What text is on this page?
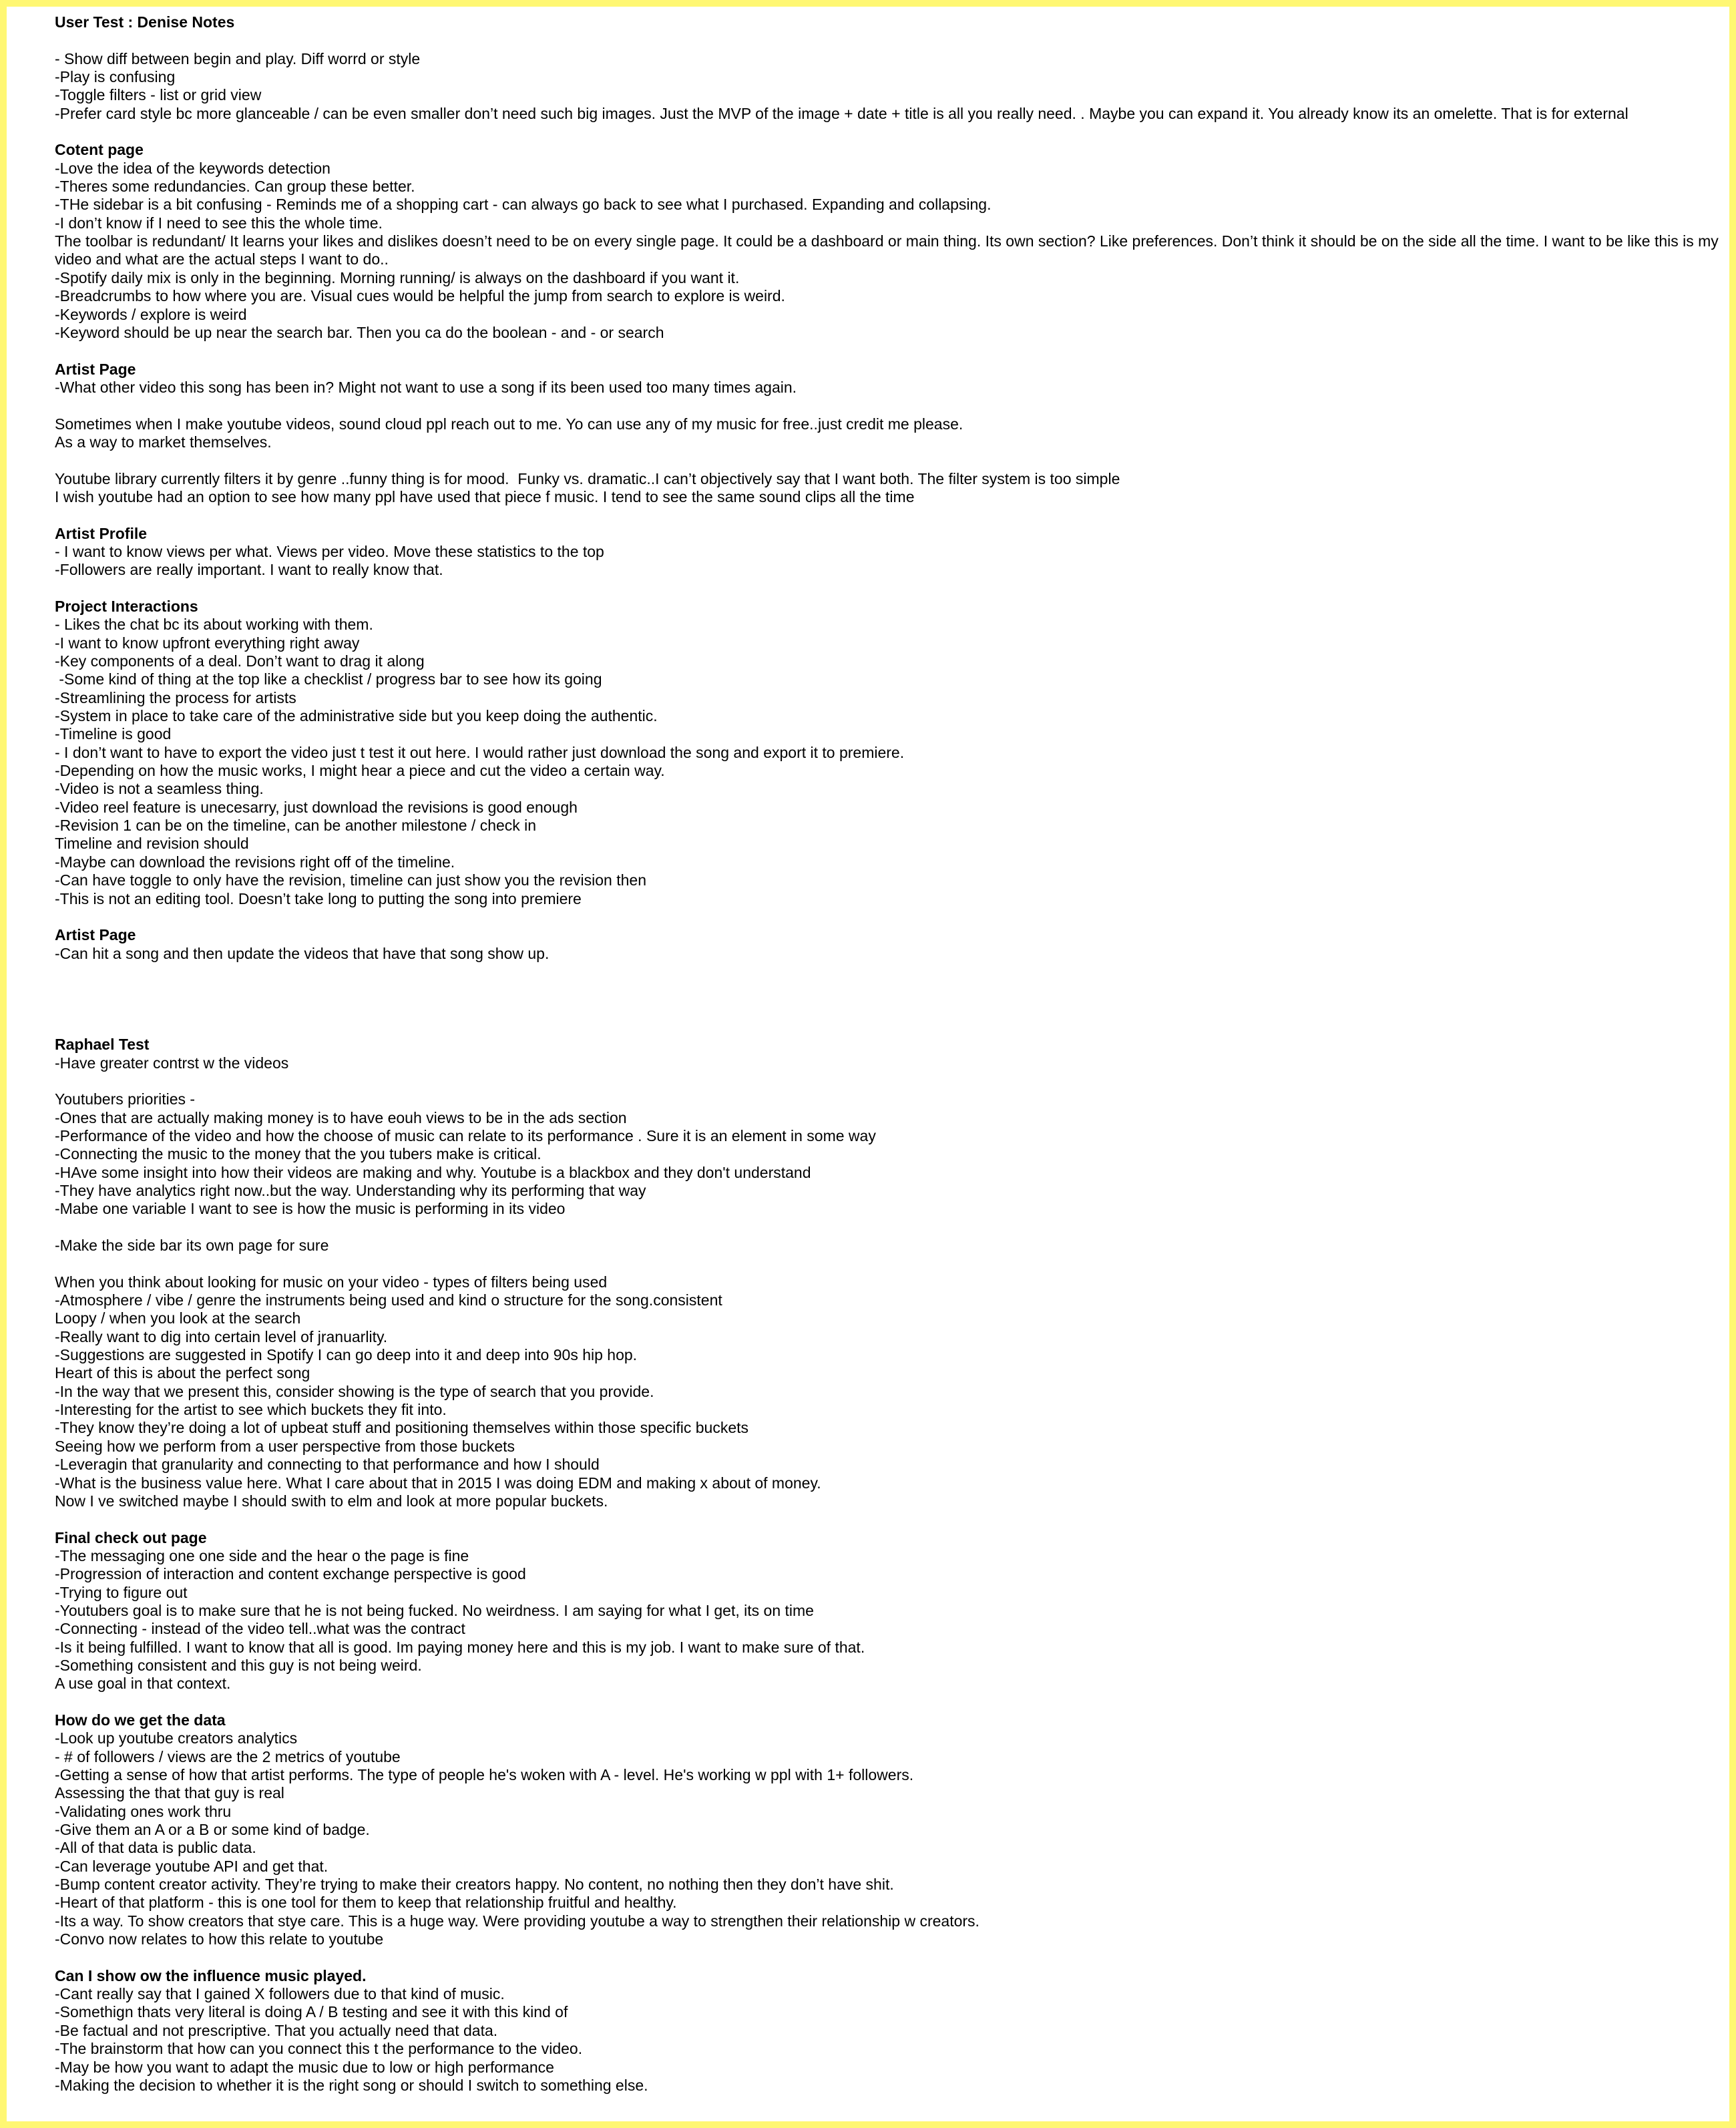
User Test : Denise Notes
- Show diff between begin and play. Diff worrd or style
-Play is confusing
-Toggle filters - list or grid view
-Prefer card style bc more glanceable / can be even smaller don’t need such big images. Just the MVP of the image + date + title is all you really need. . Maybe you can expand it. You already know its an omelette. That is for external
Cotent page
-Love the idea of the keywords detection
-Theres some redundancies. Can group these better.
-THe sidebar is a bit confusing - Reminds me of a shopping cart - can always go back to see what I purchased. Expanding and collapsing.
-I don’t know if I need to see this the whole time.
The toolbar is redundant/ It learns your likes and dislikes doesn’t need to be on every single page. It could be a dashboard or main thing. Its own section? Like preferences. Don’t think it should be on the side all the time. I want to be like this is my video and what are the actual steps I want to do..
-Spotify daily mix is only in the beginning. Morning running/ is always on the dashboard if you want it.
-Breadcrumbs to how where you are. Visual cues would be helpful the jump from search to explore is weird.
-Keywords / explore is weird
-Keyword should be up near the search bar. Then you ca do the boolean - and - or search
Artist Page
-What other video this song has been in? Might not want to use a song if its been used too many times again.
Sometimes when I make youtube videos, sound cloud ppl reach out to me. Yo can use any of my music for free..just credit me please.
As a way to market themselves.
Youtube library currently filters it by genre ..funny thing is for mood.  Funky vs. dramatic..I can’t objectively say that I want both. The filter system is too simple
I wish youtube had an option to see how many ppl have used that piece f music. I tend to see the same sound clips all the time
Artist Profile
- I want to know views per what. Views per video. Move these statistics to the top
-Followers are really important. I want to really know that.
Project Interactions
- Likes the chat bc its about working with them.
-I want to know upfront everything right away
-Key components of a deal. Don’t want to drag it along
-Some kind of thing at the top like a checklist / progress bar to see how its going
-Streamlining the process for artists
-System in place to take care of the administrative side but you keep doing the authentic.
-Timeline is good
- I don’t want to have to export the video just t test it out here. I would rather just download the song and export it to premiere.
-Depending on how the music works, I might hear a piece and cut the video a certain way.
-Video is not a seamless thing.
-Video reel feature is unecesarry, just download the revisions is good enough
-Revision 1 can be on the timeline, can be another milestone / check in
Timeline and revision should
-Maybe can download the revisions right off of the timeline.
-Can have toggle to only have the revision, timeline can just show you the revision then
-This is not an editing tool. Doesn’t take long to putting the song into premiere
Artist Page
-Can hit a song and then update the videos that have that song show up.
Raphael Test
-Have greater contrst w the videos
Youtubers priorities -
-Ones that are actually making money is to have eouh views to be in the ads section
-Performance of the video and how the choose of music can relate to its performance . Sure it is an element in some way
-Connecting the music to the money that the you tubers make is critical.
-HAve some insight into how their videos are making and why. Youtube is a blackbox and they don't understand
-They have analytics right now..but the way. Understanding why its performing that way
-Mabe one variable I want to see is how the music is performing in its video
-Make the side bar its own page for sure
When you think about looking for music on your video - types of filters being used
-Atmosphere / vibe / genre the instruments being used and kind o structure for the song.consistent
Loopy / when you look at the search
-Really want to dig into certain level of jranuarlity.
-Suggestions are suggested in Spotify I can go deep into it and deep into 90s hip hop.
Heart of this is about the perfect song
-In the way that we present this, consider showing is the type of search that you provide.
-Interesting for the artist to see which buckets they fit into.
-They know they’re doing a lot of upbeat stuff and positioning themselves within those specific buckets
Seeing how we perform from a user perspective from those buckets
-Leveragin that granularity and connecting to that performance and how I should
-What is the business value here. What I care about that in 2015 I was doing EDM and making x about of money.
Now I ve switched maybe I should swith to elm and look at more popular buckets.
Final check out page
-The messaging one one side and the hear o the page is fine
-Progression of interaction and content exchange perspective is good
-Trying to figure out
-Youtubers goal is to make sure that he is not being fucked. No weirdness. I am saying for what I get, its on time
-Connecting - instead of the video tell..what was the contract
-Is it being fulfilled. I want to know that all is good. Im paying money here and this is my job. I want to make sure of that.
-Something consistent and this guy is not being weird.
A use goal in that context.
How do we get the data
-Look up youtube creators analytics
- # of followers / views are the 2 metrics of youtube
-Getting a sense of how that artist performs. The type of people he's woken with A - level. He's working w ppl with 1+ followers.
Assessing the that that guy is real
-Validating ones work thru
-Give them an A or a B or some kind of badge.
-All of that data is public data.
-Can leverage youtube API and get that.
-Bump content creator activity. They’re trying to make their creators happy. No content, no nothing then they don’t have shit.
-Heart of that platform - this is one tool for them to keep that relationship fruitful and healthy.
-Its a way. To show creators that stye care. This is a huge way. Were providing youtube a way to strengthen their relationship w creators.
-Convo now relates to how this relate to youtube
Can I show ow the influence music played.
-Cant really say that I gained X followers due to that kind of music.
-Somethign thats very literal is doing A / B testing and see it with this kind of
-Be factual and not prescriptive. That you actually need that data.
-The brainstorm that how can you connect this t the performance to the video.
-May be how you want to adapt the music due to low or high performance
-Making the decision to whether it is the right song or should I switch to something else.
